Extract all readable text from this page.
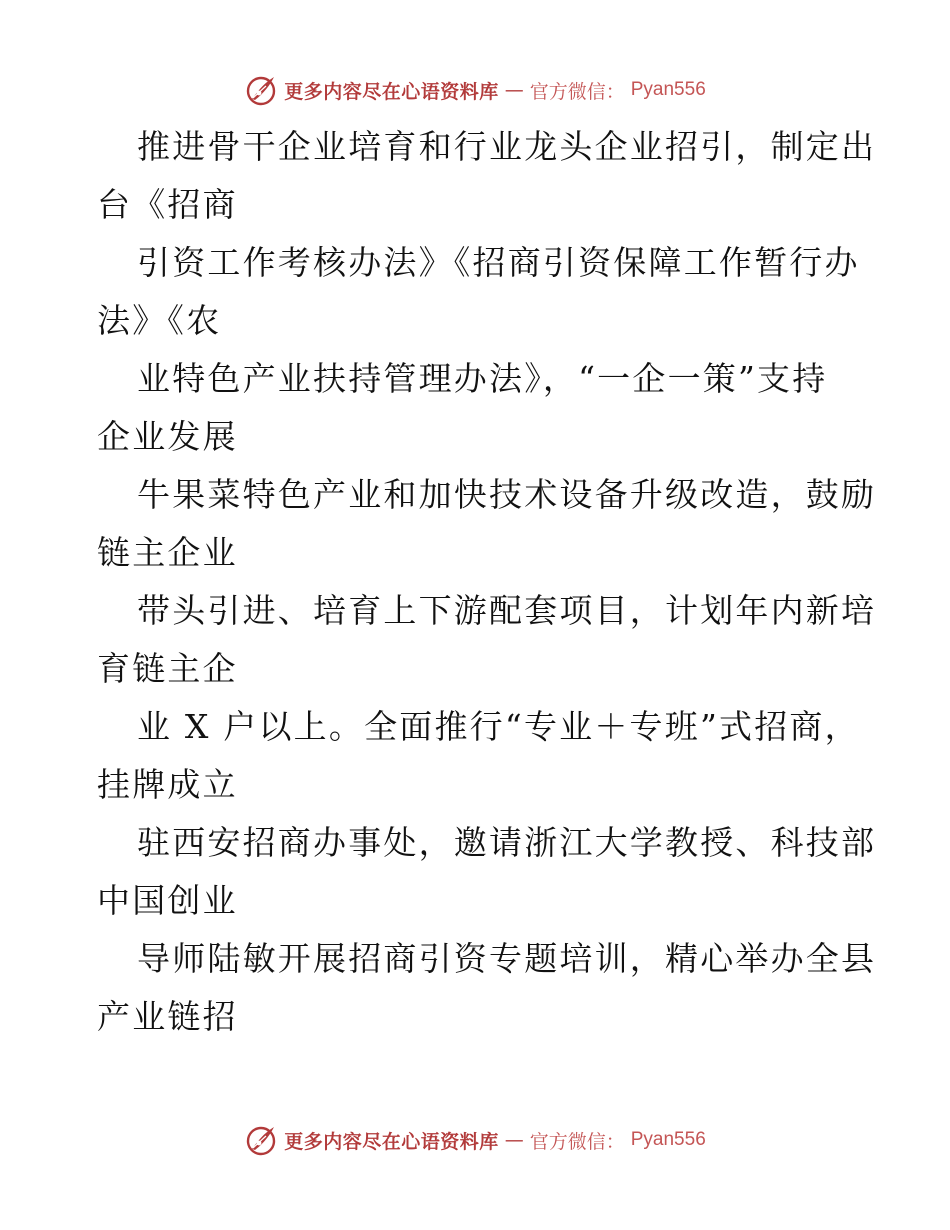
更多内容尽在心语资料库 — 官方微信： Pyan556
推进骨干企业培育和行业龙头企业招引，制定出
台《招商
引资工作考核办法》《招商引资保障工作暂行办
法》《农
业特色产业扶持管理办法》，“一企一策”支持
企业发展
牛果菜特色产业和加快技术设备升级改造，鼓励
链主企业
带头引进、培育上下游配套项目，计划年内新培
育链主企
业 X 户以上。全面推行“专业＋专班”式招商，
挂牌成立
驻西安招商办事处，邀请浙江大学教授、科技部
中国创业
导师陆敏开展招商引资专题培训，精心举办全县
产业链招
更多内容尽在心语资料库 — 官方微信： Pyan556
